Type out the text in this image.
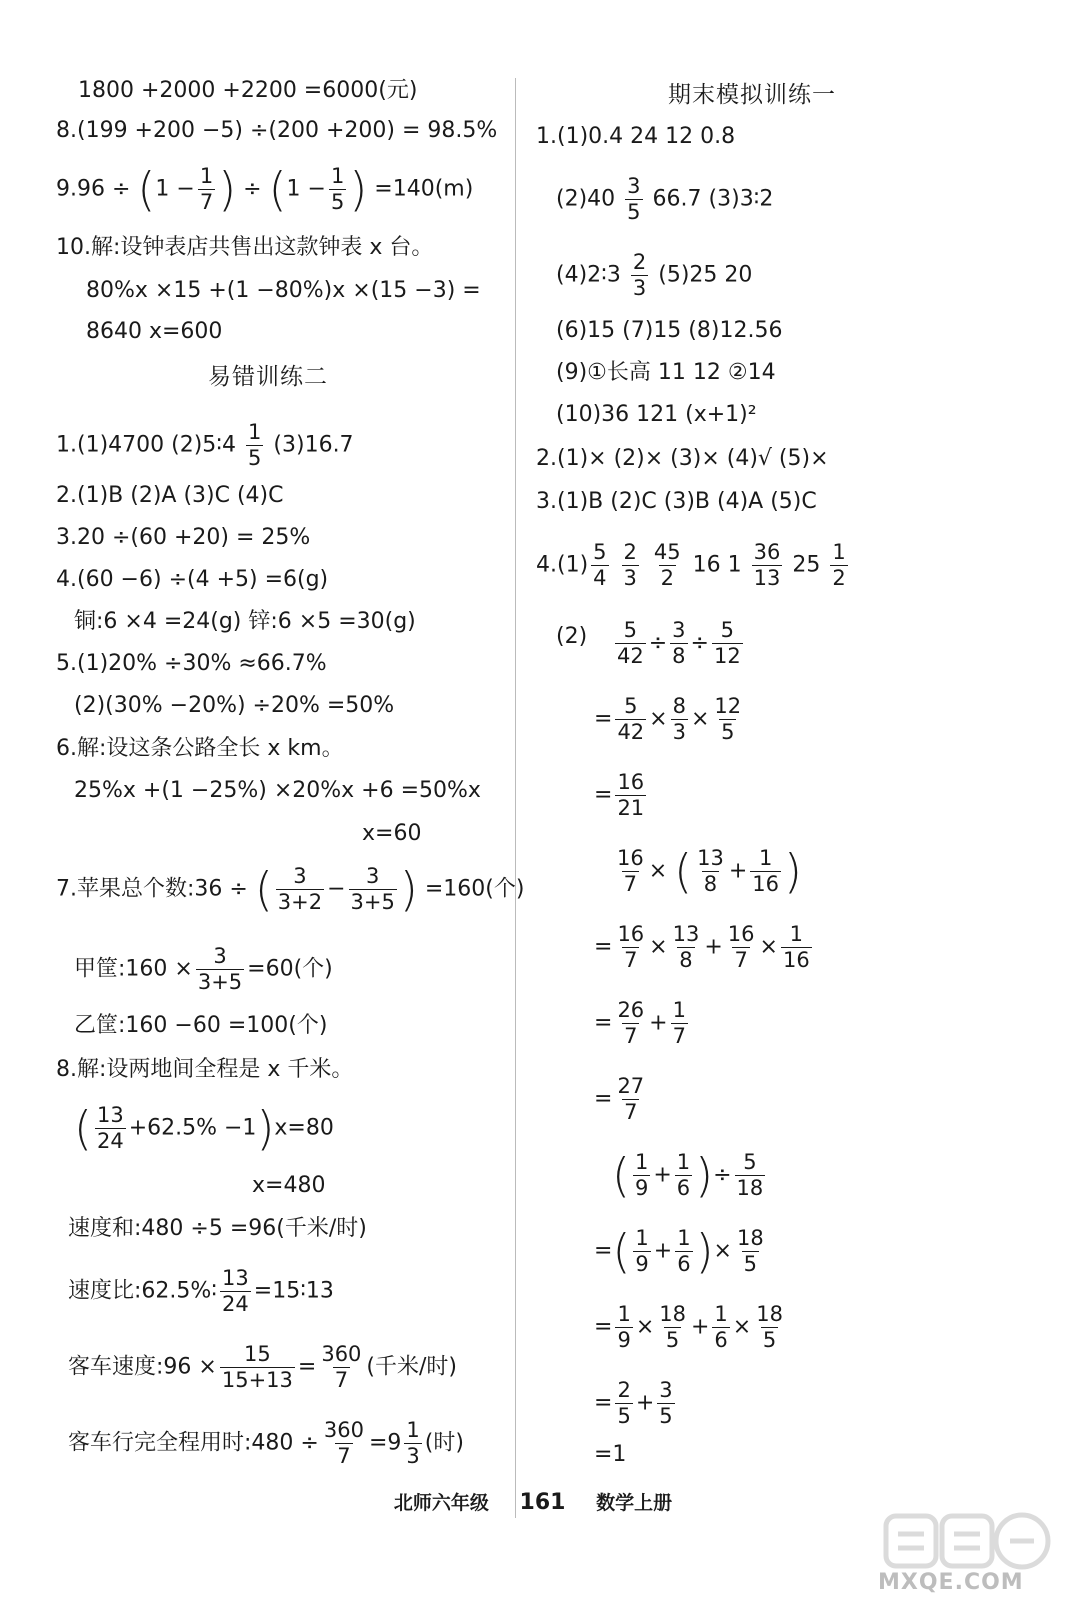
1800 +2000 +2200 =6000(元)
8.(199 +200 −5) ÷(200 +200) = 98.5%
$9.96 \div (1 - \frac{1}{7}$ ) ÷ ($1 - \frac{1}{5}$ ) =140(m)
10.解:设钟表店共售出这款钟表 x 台。
80%x ×15 +(1 −80%)x ×(15 −3) =
8640 x=600
易错训练二
1.(1)4700 (2)5∶4 $\frac{1}{5} (3)16.7$
2.(1)B (2)A (3)C (4)C
3.20 ÷(60 +20) = 25%
4.(60 −6) ÷(4 +5) =6(g)
铜:6 ×4 =24(g) 锌:6 ×5 =30(g)
5.(1)20% ÷30% ≈66.7%
(2)(30% −20%) ÷20% =50%
6.解:设这条公路全长 x km。
25%x +(1 −25%) ×20%x +6 =50%x
x=60
7.苹果总个数:36 ÷ ( $\frac{3}{3+2} - \frac{3}{3+5}$ ) =160(个)
甲筐:160 × $\frac{3}{3+5} =60$(个)
乙筐:160 −60 =100(个)
8.解:设两地间全程是 x 千米。
( $\frac{13}{24} +62.5\% -1)x=80$
x=480
速度和:480 ÷5 =96(千米/时)
速度比:62.5%∶ $\frac{13}{24}$ =15∶13
客车速度:96 × $\frac{15}{15+13} = \frac{360}{7}$ (千米/时)
客车行完全程用时:480 ÷ $\frac{360}{7} =9 \frac{1}{3}$ (时)
期末模拟训练一
1.(1)0.4 24 12 0.8
$(2)40 \frac{3}{5} 66.7$ (3)3∶2
(4)2∶3 $\frac{2}{3} (5)25$ 20
(6)15 (7)15 (8)12.56
(9)①长高 11 12 ②14
(10)36 121 (x+1)²
2.(1)× (2)× (3)× (4)√ (5)×
3.(1)B (2)C (3)B (4)A (5)C
$4.(1) \frac{5}{4}$
$\frac{2}{3}$
$\frac{45}{2} 16$ $1 \frac{36}{13} 25 \frac{1}{2}$
$(2) \frac{5}{42} \div \frac{3}{8} \div \frac{5}{12}$
= $\frac{5}{42} \times \frac{8}{3} \times \frac{12}{5}$
= $\frac{16}{21}$
$\frac{16}{7}$ × ( $\frac{13}{8} + \frac{1}{16}$ )
= $\frac{16}{7} \times \frac{13}{8} + \frac{16}{7} \times \frac{1}{16}$
= $\frac{26}{7} + \frac{1}{7}$
= $\frac{27}{7}$
( $\frac{1}{9} + \frac{1}{6}$ )÷ $\frac{5}{18}$
=( $\frac{1}{9} + \frac{1}{6}$ )× $\frac{18}{5}$
= $\frac{1}{9} \times \frac{18}{5} + \frac{1}{6} \times \frac{18}{5}$
= $\frac{2}{5} + \frac{3}{5}$
=1
北师六年级 161 数学上册
MXQE.COM
